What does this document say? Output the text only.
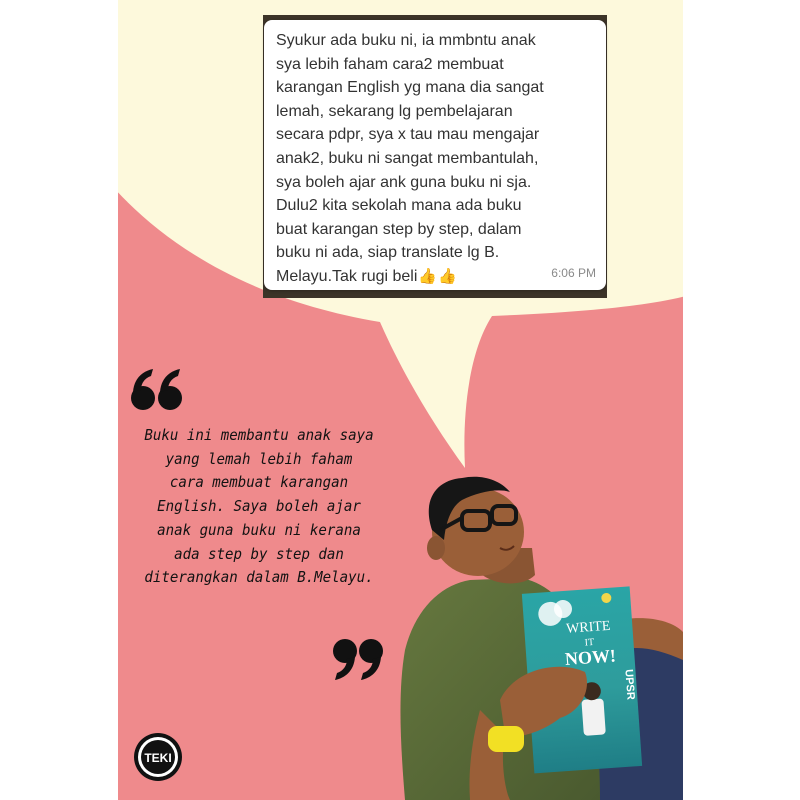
WRITE
IT
NOW!
UPSR
TEKI
Syukur ada buku ni, ia mmbntu anak
sya lebih faham cara2 membuat
karangan English yg mana dia sangat
lemah, sekarang lg pembelajaran
secara pdpr, sya x tau mau mengajar
anak2, buku ni sangat membantulah,
sya boleh ajar ank guna buku ni sja.
Dulu2 kita sekolah mana ada buku
buat karangan step by step, dalam
buku ni ada, siap translate lg B.
Melayu.Tak rugi beli👍👍	6:06 PM
Buku ini membantu anak saya
yang lemah lebih faham
cara membuat karangan
English. Saya boleh ajar
anak guna buku ni kerana
ada step by step dan
diterangkan dalam B.Melayu.
